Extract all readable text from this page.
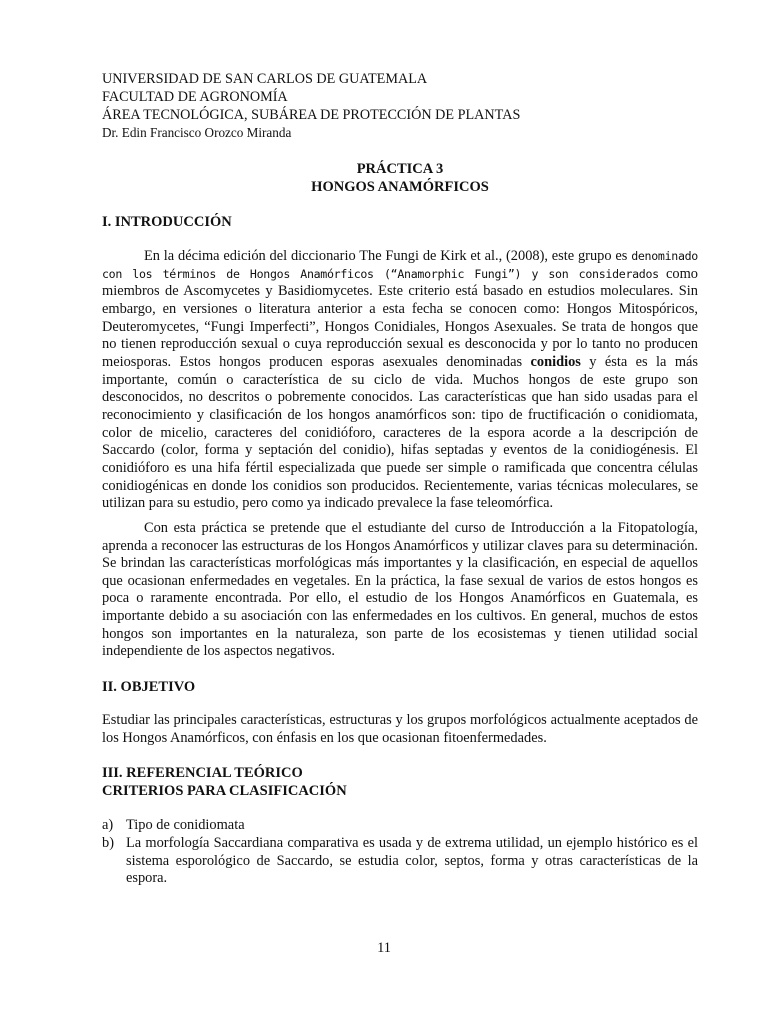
UNIVERSIDAD DE SAN CARLOS DE GUATEMALA
FACULTAD DE AGRONOMÍA
ÁREA TECNOLÓGICA, SUBÁREA DE PROTECCIÓN DE PLANTAS
Dr. Edin Francisco Orozco Miranda
PRÁCTICA 3
HONGOS ANAMÓRFICOS
I. INTRODUCCIÓN

En la décima edición del diccionario The Fungi de Kirk et al., (2008), este grupo es denominado con los términos de Hongos Anamórficos (“Anamorphic Fungi”) y son considerados como miembros de Ascomycetes y Basidiomycetes. Este criterio está basado en estudios moleculares. Sin embargo, en versiones o literatura anterior a esta fecha se conocen como: Hongos Mitospóricos, Deuteromycetes, “Fungi Imperfecti”, Hongos Conidiales, Hongos Asexuales. Se trata de hongos que no tienen reproducción sexual o cuya reproducción sexual es desconocida y por lo tanto no producen meiosporas. Estos hongos producen esporas asexuales denominadas conidios y ésta es la más importante, común o característica de su ciclo de vida. Muchos hongos de este grupo son desconocidos, no descritos o pobremente conocidos. Las características que han sido usadas para el reconocimiento y clasificación de los hongos anamórficos son: tipo de fructificación o conidiomata, color de micelio, caracteres del conidióforo, caracteres de la espora acorde a la descripción de Saccardo (color, forma y septación del conidio), hifas septadas y eventos de la conidiogénesis. El conidióforo es una hifa fértil especializada que puede ser simple o ramificada que concentra células conidiogénicas en donde los conidios son producidos. Recientemente, varias técnicas moleculares, se utilizan para su estudio, pero como ya indicado prevalece la fase teleomórfica.

Con esta práctica se pretende que el estudiante del curso de Introducción a la Fitopatología, aprenda a reconocer las estructuras de los Hongos Anamórficos y utilizar claves para su determinación. Se brindan las características morfológicas más importantes y la clasificación, en especial de aquellos que ocasionan enfermedades en vegetales. En la práctica, la fase sexual de varios de estos hongos es poca o raramente encontrada. Por ello, el estudio de los Hongos Anamórficos en Guatemala, es importante debido a su asociación con las enfermedades en los cultivos. En general, muchos de estos hongos son importantes en la naturaleza, son parte de los ecosistemas y tienen utilidad social independiente de los aspectos negativos.

II. OBJETIVO

Estudiar las principales características, estructuras y los grupos morfológicos actualmente aceptados de los Hongos Anamórficos, con énfasis en los que ocasionan fitoenfermedades.

III. REFERENCIAL TEÓRICO
CRITERIOS PARA CLASIFICACIÓN
a) Tipo de conidiomata
b) La morfología Saccardiana comparativa es usada y de extrema utilidad, un ejemplo histórico es el sistema esporológico de Saccardo, se estudia color, septos, forma y otras características de la espora.
11
